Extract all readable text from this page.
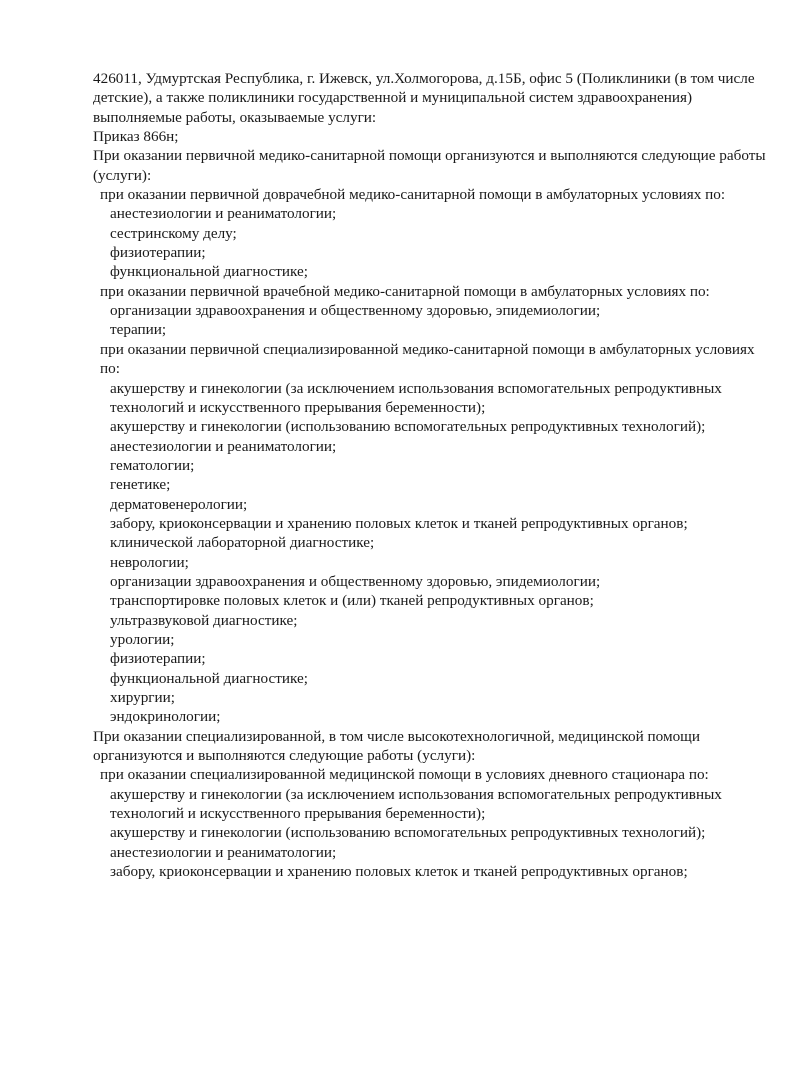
426011, Удмуртская Республика, г. Ижевск, ул.Холмогорова, д.15Б, офис 5 (Поликлиники (в том числе детские), а также поликлиники государственной и муниципальной систем здравоохранения)
выполняемые работы, оказываемые услуги:
Приказ 866н;
При оказании первичной медико-санитарной помощи организуются и выполняются следующие работы (услуги):
при оказании первичной доврачебной медико-санитарной помощи в амбулаторных условиях по:
анестезиологии и реаниматологии;
сестринскому делу;
физиотерапии;
функциональной диагностике;
при оказании первичной врачебной медико-санитарной помощи в амбулаторных условиях по:
организации здравоохранения и общественному здоровью, эпидемиологии;
терапии;
при оказании первичной специализированной медико-санитарной помощи в амбулаторных условиях по:
акушерству и гинекологии (за исключением использования вспомогательных репродуктивных технологий и искусственного прерывания беременности);
акушерству и гинекологии (использованию вспомогательных репродуктивных технологий);
анестезиологии и реаниматологии;
гематологии;
генетике;
дерматовенерологии;
забору, криоконсервации и хранению половых клеток и тканей репродуктивных органов;
клинической лабораторной диагностике;
неврологии;
организации здравоохранения и общественному здоровью, эпидемиологии;
транспортировке половых клеток и (или) тканей репродуктивных органов;
ультразвуковой диагностике;
урологии;
физиотерапии;
функциональной диагностике;
хирургии;
эндокринологии;
При оказании специализированной, в том числе высокотехнологичной, медицинской помощи организуются и выполняются следующие работы (услуги):
при оказании специализированной медицинской помощи в условиях дневного стационара по:
акушерству и гинекологии (за исключением использования вспомогательных репродуктивных технологий и искусственного прерывания беременности);
акушерству и гинекологии (использованию вспомогательных репродуктивных технологий);
анестезиологии и реаниматологии;
забору, криоконсервации и хранению половых клеток и тканей репродуктивных органов;
